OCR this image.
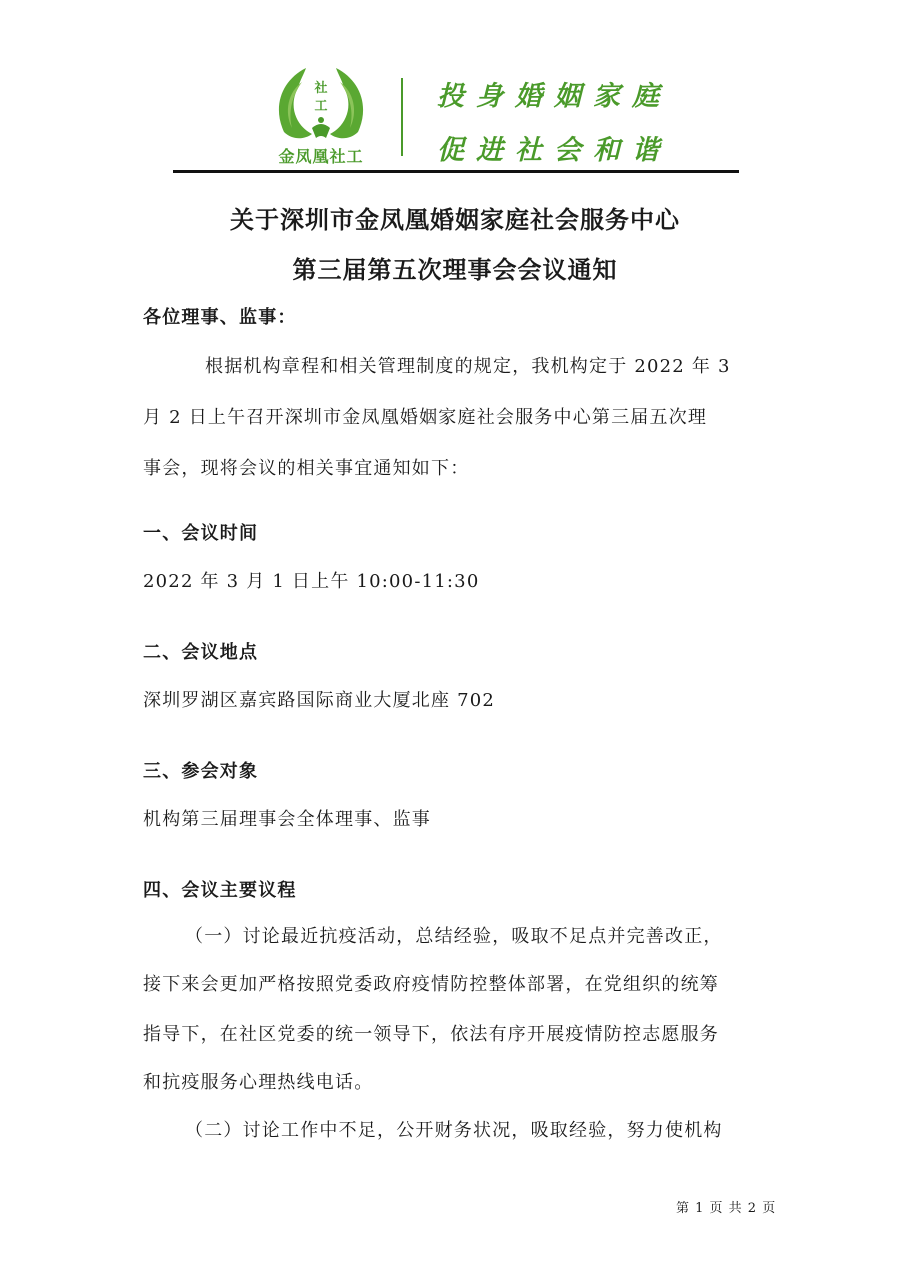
社
工
金凤凰社工
投身婚姻家庭
促进社会和谐
关于深圳市金凤凰婚姻家庭社会服务中心
第三届第五次理事会会议通知
各位理事、监事：
根据机构章程和相关管理制度的规定，我机构定于 2022 年 3
月 2 日上午召开深圳市金凤凰婚姻家庭社会服务中心第三届五次理
事会，现将会议的相关事宜通知如下：
一、会议时间
2022 年 3 月 1 日上午 10:00-11:30
二、会议地点
深圳罗湖区嘉宾路国际商业大厦北座 702
三、参会对象
机构第三届理事会全体理事、监事
四、会议主要议程
（一）讨论最近抗疫活动，总结经验，吸取不足点并完善改正，
接下来会更加严格按照党委政府疫情防控整体部署，在党组织的统筹
指导下，在社区党委的统一领导下，依法有序开展疫情防控志愿服务
和抗疫服务心理热线电话。
（二）讨论工作中不足，公开财务状况，吸取经验，努力使机构
第 1 页 共 2 页
